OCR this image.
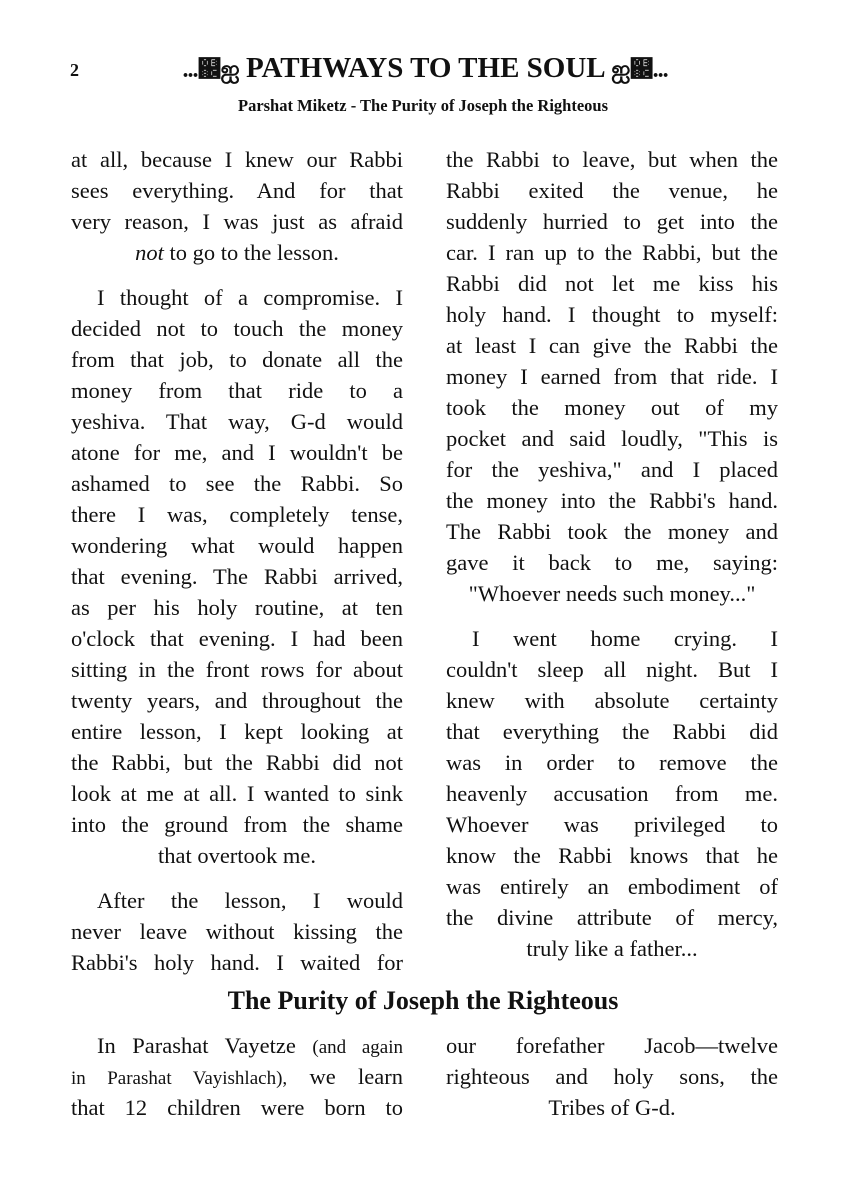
2	...஌ஐ PATHWAYS TO THE SOUL ஐ஌...
Parshat Miketz - The Purity of Joseph the Righteous
at all, because I knew our Rabbi
sees everything. And for that
very reason, I was just as afraid
not to go to the lesson.
I thought of a compromise. I
decided not to touch the money
from that job, to donate all the
money from that ride to a
yeshiva. That way, G-d would
atone for me, and I wouldn't be
ashamed to see the Rabbi. So
there I was, completely tense,
wondering what would happen
that evening. The Rabbi arrived,
as per his holy routine, at ten
o'clock that evening. I had been
sitting in the front rows for about
twenty years, and throughout the
entire lesson, I kept looking at
the Rabbi, but the Rabbi did not
look at me at all. I wanted to sink
into the ground from the shame
that overtook me.
After the lesson, I would
never leave without kissing the
Rabbi's holy hand. I waited for
the Rabbi to leave, but when the
Rabbi exited the venue, he
suddenly hurried to get into the
car. I ran up to the Rabbi, but the
Rabbi did not let me kiss his
holy hand. I thought to myself:
at least I can give the Rabbi the
money I earned from that ride. I
took the money out of my
pocket and said loudly, "This is
for the yeshiva," and I placed
the money into the Rabbi's hand.
The Rabbi took the money and
gave it back to me, saying:
"Whoever needs such money..."
I went home crying. I
couldn't sleep all night. But I
knew with absolute certainty
that everything the Rabbi did
was in order to remove the
heavenly accusation from me.
Whoever was privileged to
know the Rabbi knows that he
was entirely an embodiment of
the divine attribute of mercy,
truly like a father...
The Purity of Joseph the Righteous
In Parashat Vayetze (and again
in Parashat Vayishlach), we learn
that 12 children were born to
our forefather Jacob—twelve
righteous and holy sons, the
Tribes of G-d.
